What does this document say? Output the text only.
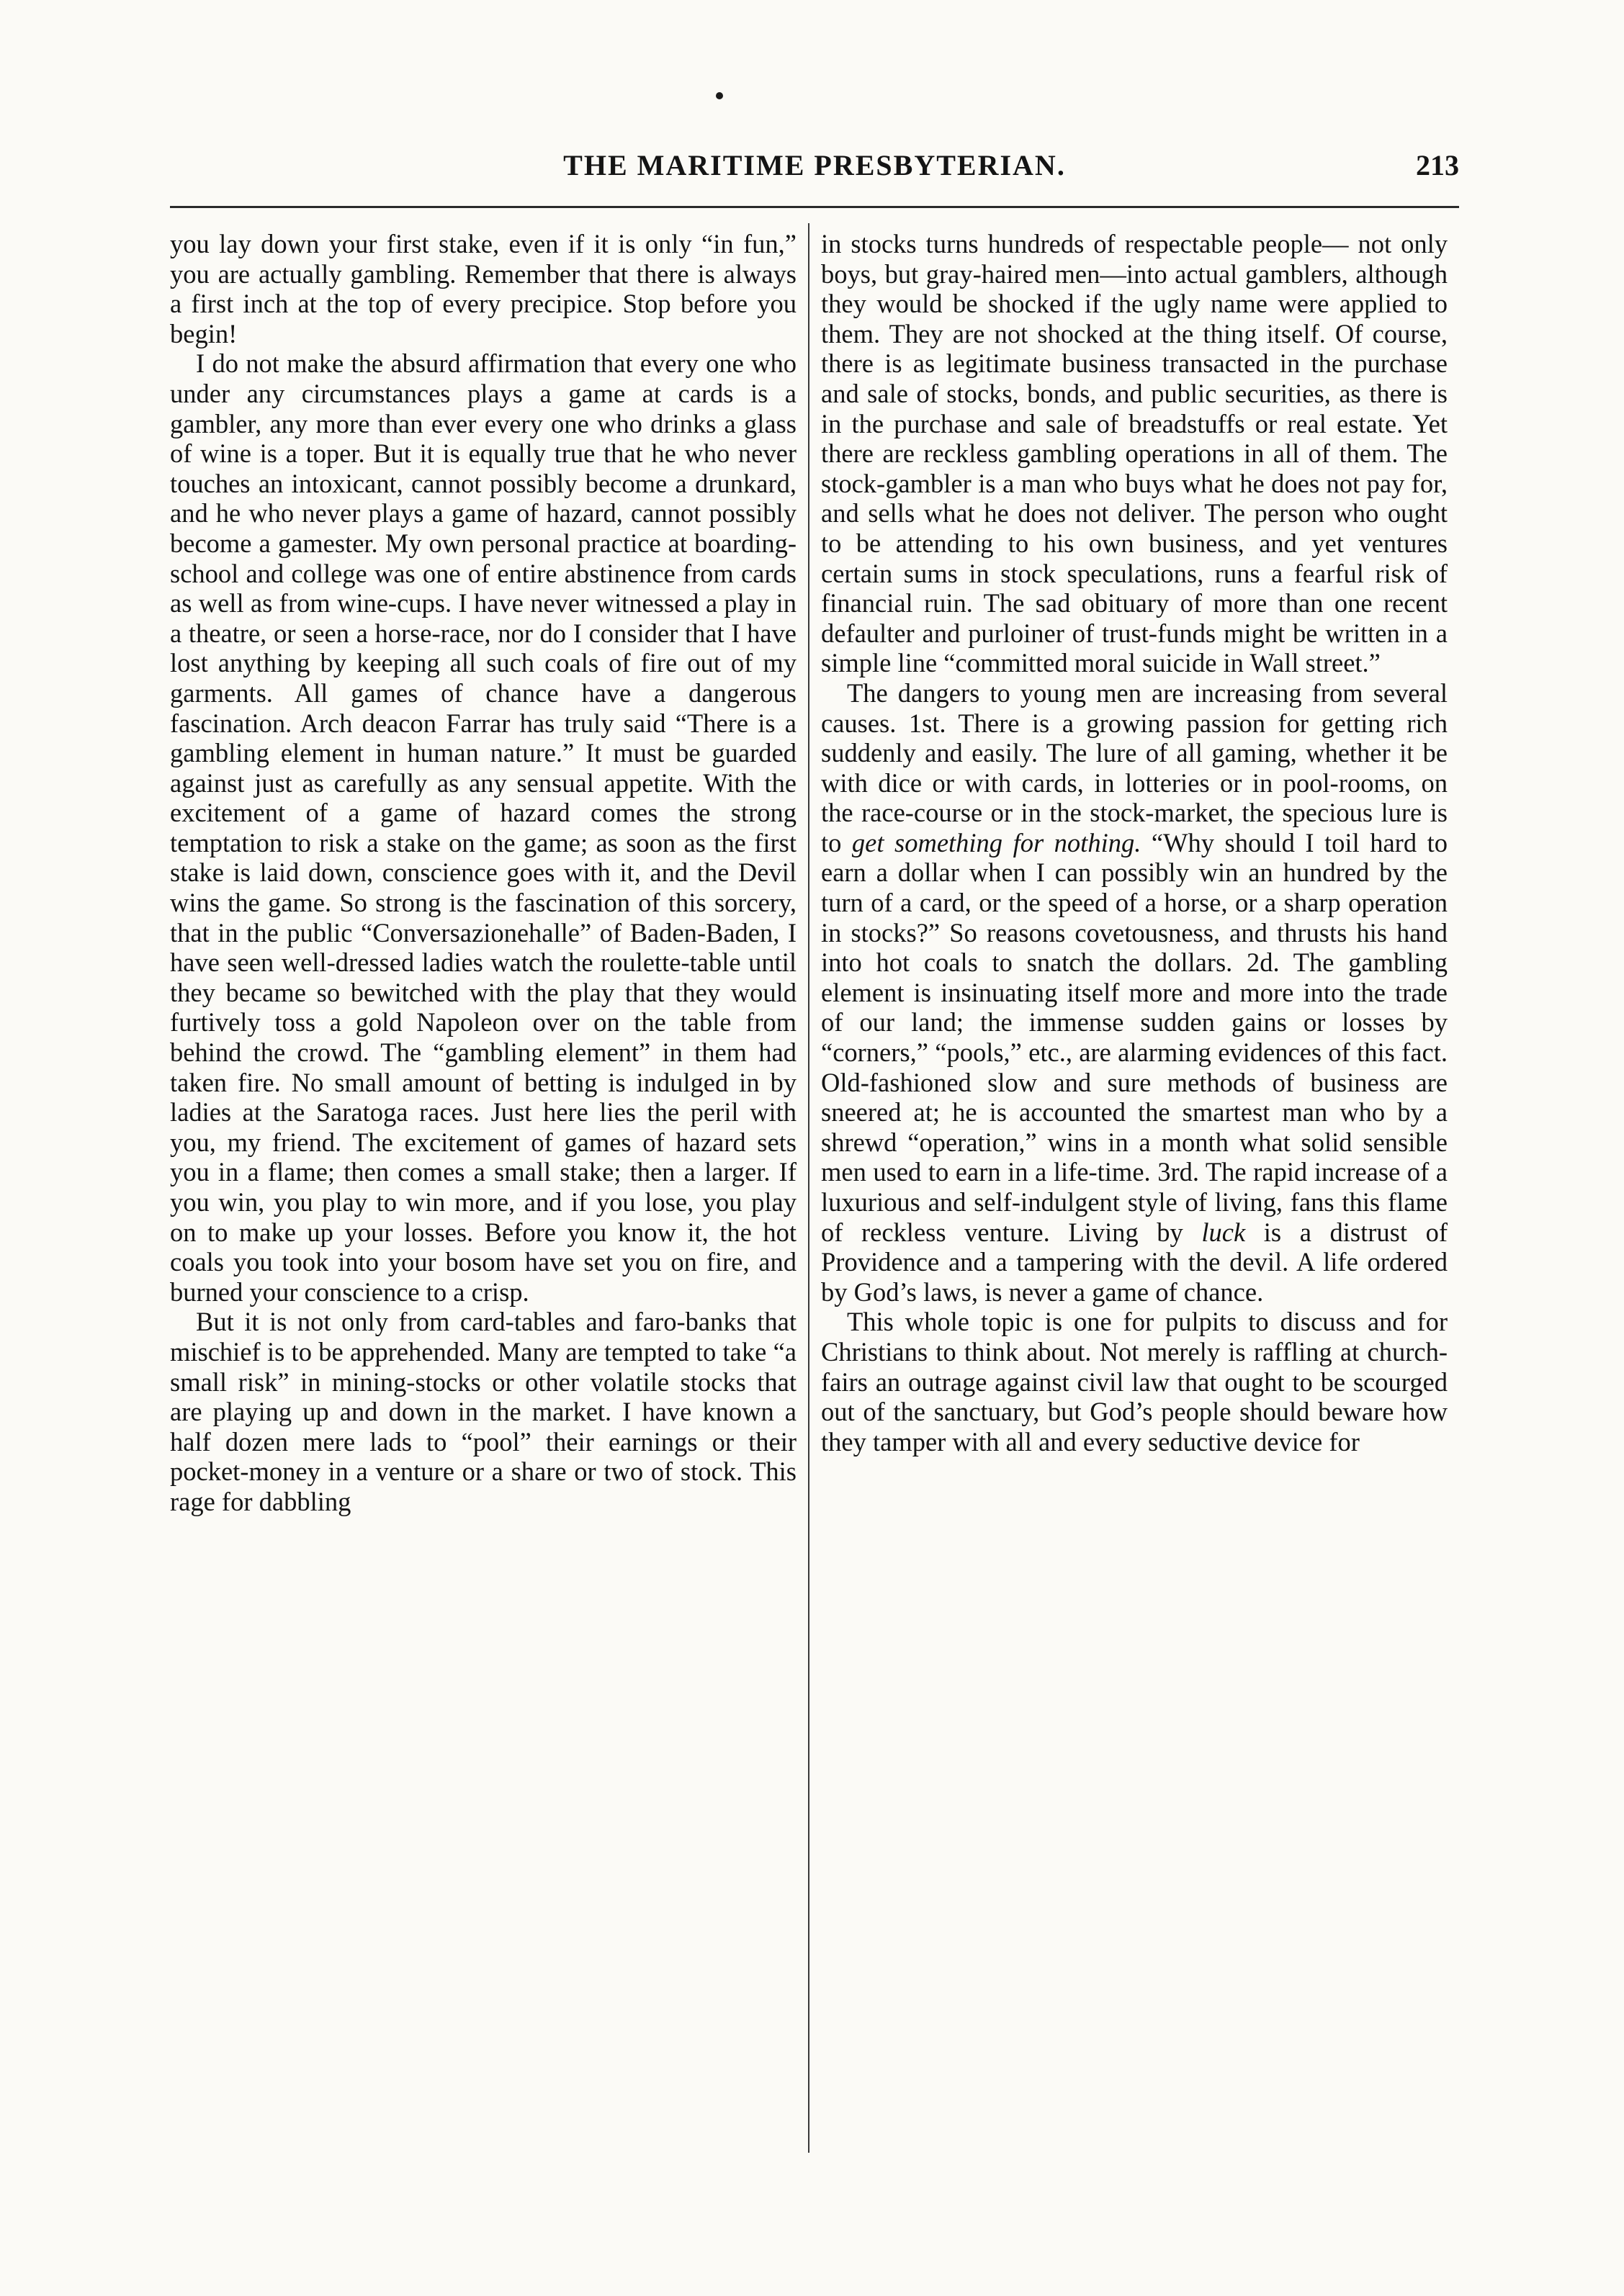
THE MARITIME PRESBYTERIAN.	213

you lay down your first stake, even if it is only “in fun,” you are actually gambling. Remember that there is always a first inch at the top of every precipice. Stop before you begin!

I do not make the absurd affirmation that every one who under any circumstances plays a game at cards is a gambler, any more than ever every one who drinks a glass of wine is a toper. But it is equally true that he who never touches an intoxicant, cannot possibly become a drunkard, and he who never plays a game of hazard, cannot possibly become a gamester. My own personal practice at boarding-school and college was one of entire abstinence from cards as well as from wine-cups. I have never witnessed a play in a theatre, or seen a horse-race, nor do I consider that I have lost anything by keeping all such coals of fire out of my garments. All games of chance have a dangerous fascination. Arch deacon Farrar has truly said “There is a gambling element in human nature.” It must be guarded against just as carefully as any sensual appetite. With the excitement of a game of hazard comes the strong temptation to risk a stake on the game; as soon as the first stake is laid down, conscience goes with it, and the Devil wins the game. So strong is the fascination of this sorcery, that in the public “Conversazionehalle” of Baden-Baden, I have seen well-dressed ladies watch the roulette-table until they became so bewitched with the play that they would furtively toss a gold Napoleon over on the table from behind the crowd. The “gambling element” in them had taken fire. No small amount of betting is indulged in by ladies at the Saratoga races. Just here lies the peril with you, my friend. The excitement of games of hazard sets you in a flame; then comes a small stake; then a larger. If you win, you play to win more, and if you lose, you play on to make up your losses. Before you know it, the hot coals you took into your bosom have set you on fire, and burned your conscience to a crisp.

But it is not only from card-tables and faro-banks that mischief is to be apprehended. Many are tempted to take “a small risk” in mining-stocks or other volatile stocks that are playing up and down in the market. I have known a half dozen mere lads to “pool” their earnings or their pocket-money in a venture or a share or two of stock. This rage for dabbling

in stocks turns hundreds of respectable people— not only boys, but gray-haired men—into actual gamblers, although they would be shocked if the ugly name were applied to them. They are not shocked at the thing itself. Of course, there is as legitimate business transacted in the purchase and sale of stocks, bonds, and public securities, as there is in the purchase and sale of breadstuffs or real estate. Yet there are reckless gambling operations in all of them. The stock-gambler is a man who buys what he does not pay for, and sells what he does not deliver. The person who ought to be attending to his own business, and yet ventures certain sums in stock speculations, runs a fearful risk of financial ruin. The sad obituary of more than one recent defaulter and purloiner of trust-funds might be written in a simple line “committed moral suicide in Wall street.”

The dangers to young men are increasing from several causes. 1st. There is a growing passion for getting rich suddenly and easily. The lure of all gaming, whether it be with dice or with cards, in lotteries or in pool-rooms, on the race-course or in the stock-market, the specious lure is to get something for nothing. “Why should I toil hard to earn a dollar when I can possibly win an hundred by the turn of a card, or the speed of a horse, or a sharp operation in stocks?” So reasons covetousness, and thrusts his hand into hot coals to snatch the dollars. 2d. The gambling element is insinuating itself more and more into the trade of our land; the immense sudden gains or losses by “corners,” “pools,” etc., are alarming evidences of this fact. Old-fashioned slow and sure methods of business are sneered at; he is accounted the smartest man who by a shrewd “operation,” wins in a month what solid sensible men used to earn in a life-time. 3rd. The rapid increase of a luxurious and self-indulgent style of living, fans this flame of reckless venture. Living by luck is a distrust of Providence and a tampering with the devil. A life ordered by God’s laws, is never a game of chance.

This whole topic is one for pulpits to discuss and for Christians to think about. Not merely is raffling at church-fairs an outrage against civil law that ought to be scourged out of the sanctuary, but God’s people should beware how they tamper with all and every seductive device for
